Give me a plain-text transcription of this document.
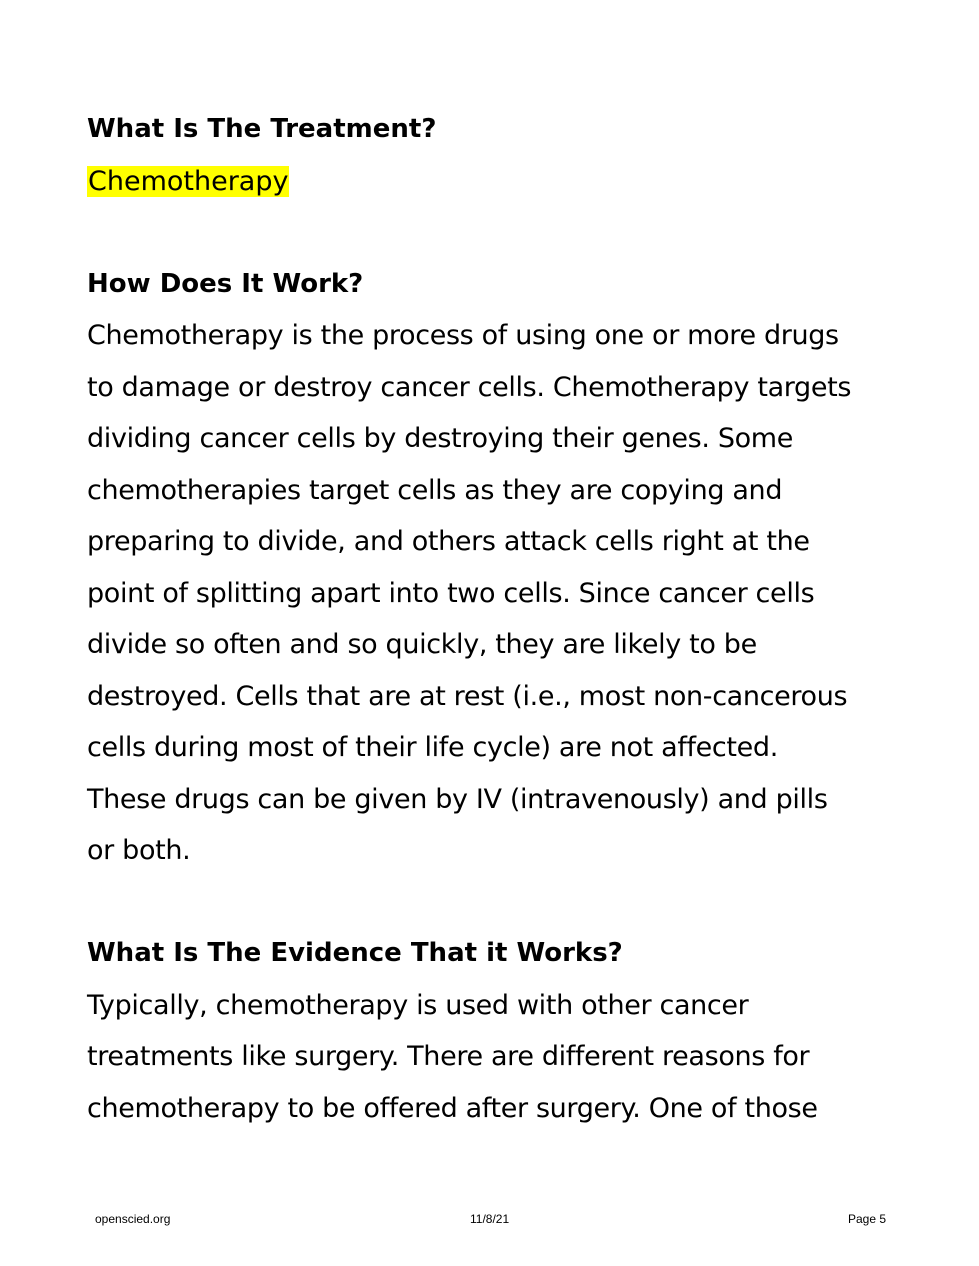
What Is The Treatment?

Chemotherapy

How Does It Work?
Chemotherapy is the process of using one or more drugs
to damage or destroy cancer cells. Chemotherapy targets
dividing cancer cells by destroying their genes. Some
chemotherapies target cells as they are copying and
preparing to divide, and others attack cells right at the
point of splitting apart into two cells. Since cancer cells
divide so often and so quickly, they are likely to be
destroyed. Cells that are at rest (i.e., most non-cancerous
cells during most of their life cycle) are not affected.
These drugs can be given by IV (intravenously) and pills
or both.
What Is The Evidence That it Works?
Typically, chemotherapy is used with other cancer
treatments like surgery. There are different reasons for
chemotherapy to be offered after surgery. One of those
openscied.org	11/8/21	Page 5
